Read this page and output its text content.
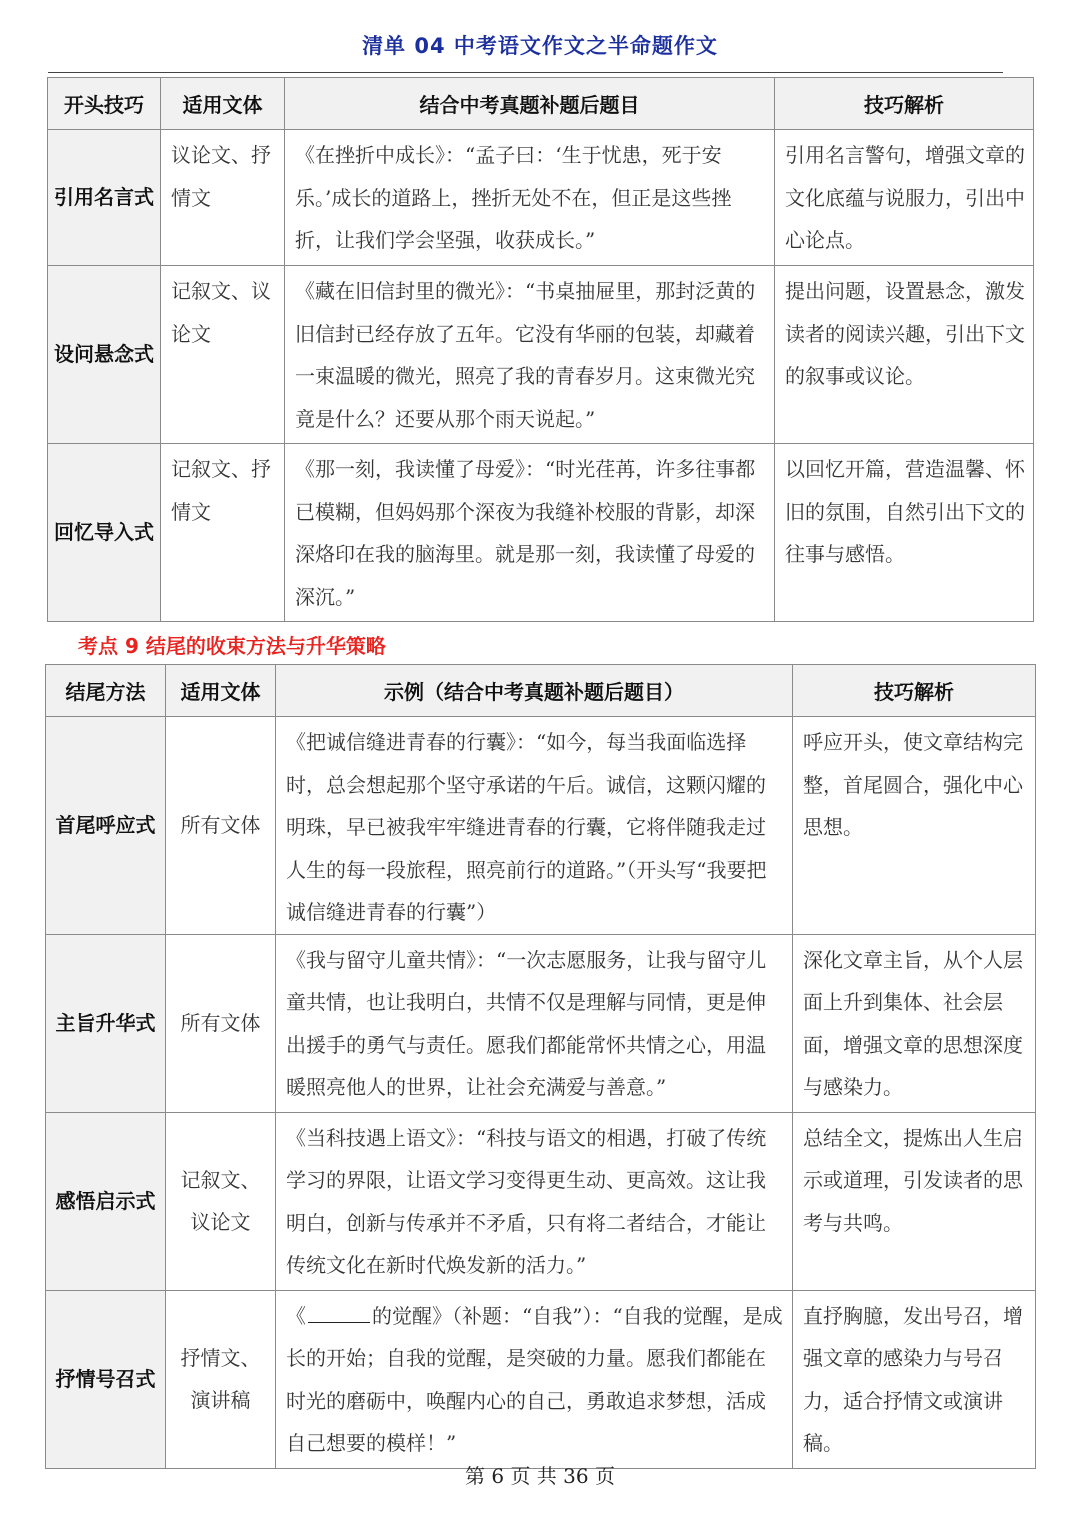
清单 04 中考语文作文之半命题作文
开头技巧	适用文体	结合中考真题补题后题目	技巧解析
引用名言式	议论文、抒情文	《在挫折中成长》：“孟子曰：‘生于忧患，死于安乐。’成长的道路上，挫折无处不在，但正是这些挫折，让我们学会坚强，收获成长。”	引用名言警句，增强文章的文化底蕴与说服力，引出中心论点。
设问悬念式	记叙文、议论文	《藏在旧信封里的微光》：“书桌抽屉里，那封泛黄的旧信封已经存放了五年。它没有华丽的包装，却藏着一束温暖的微光，照亮了我的青春岁月。这束微光究竟是什么？还要从那个雨天说起。”	提出问题，设置悬念，激发读者的阅读兴趣，引出下文的叙事或议论。
回忆导入式	记叙文、抒情文	《那一刻，我读懂了母爱》：“时光荏苒，许多往事都已模糊，但妈妈那个深夜为我缝补校服的背影，却深深烙印在我的脑海里。就是那一刻，我读懂了母爱的深沉。”	以回忆开篇，营造温馨、怀旧的氛围，自然引出下文的往事与感悟。
考点 9 结尾的收束方法与升华策略
结尾方法	适用文体	示例（结合中考真题补题后题目）	技巧解析
首尾呼应式	所有文体	《把诚信缝进青春的行囊》：“如今，每当我面临选择时，总会想起那个坚守承诺的午后。诚信，这颗闪耀的明珠，早已被我牢牢缝进青春的行囊，它将伴随我走过人生的每一段旅程，照亮前行的道路。”（开头写“我要把诚信缝进青春的行囊”）	呼应开头，使文章结构完整，首尾圆合，强化中心思想。
主旨升华式	所有文体	《我与留守儿童共情》：“一次志愿服务，让我与留守儿童共情，也让我明白，共情不仅是理解与同情，更是伸出援手的勇气与责任。愿我们都能常怀共情之心，用温暖照亮他人的世界，让社会充满爱与善意。”	深化文章主旨，从个人层面上升到集体、社会层面，增强文章的思想深度与感染力。
感悟启示式	记叙文、议论文	《当科技遇上语文》：“科技与语文的相遇，打破了传统学习的界限，让语文学习变得更生动、更高效。这让我明白，创新与传承并不矛盾，只有将二者结合，才能让传统文化在新时代焕发新的活力。”	总结全文，提炼出人生启示或道理，引发读者的思考与共鸣。
抒情号召式	抒情文、演讲稿	《 的觉醒》（补题：“自我”）：“自我的觉醒，是成长的开始；自我的觉醒，是突破的力量。愿我们都能在时光的磨砺中，唤醒内心的自己，勇敢追求梦想，活成自己想要的模样！”	直抒胸臆，发出号召，增强文章的感染力与号召力，适合抒情文或演讲稿。
第 6 页 共 36 页
